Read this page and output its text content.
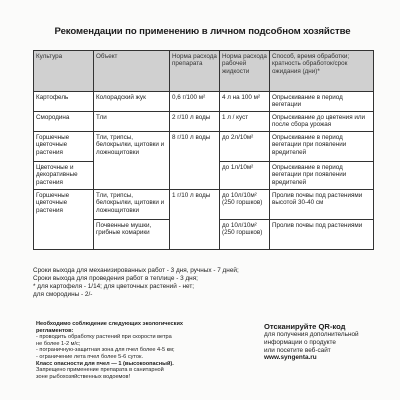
Рекомендации по применению в личном подсобном хозяйстве
Культура	Объект	Норма расхода препарата	Норма расхода рабочей жидкости	Способ, время обработки; кратность обработок/срок ожидания (дни)*
Картофель	Колорадский жук	0,6 г/100 м²	4 л на 100 м²	Опрыскивание в период вегетации
Смородина	Тли	2 г/10 л воды	1 л / куст	Опрыскивание до цветения или после сбора урожая
Горшечные цветочные растения	Тли, трипсы, белокрылки, щитовки и ложнощитовки	8 г/10 л воды	до 2л/10м²	Опрыскивание в период вегетации при появлении вредителей
Цветочные и декоративные растения			до 1л/10м²	Опрыскивание в период вегетации при появлении вредителей
Горшечные цветочные растения	Тли, трипсы, белокрылки, щитовки и ложнощитовки	1 г/10 л воды	до 10л/10м² (250 горшков)	Пролив почвы под растениями высотой 30-40 см
	Почвенные мушки, грибные комарики		до 10л/10м² (250 горшков)	Пролив почвы под растениями
Сроки выхода для механизированных работ - 3 дня, ручных - 7 дней;
Сроки выхода для проведения работ в теплице - 3 дня;
* для картофеля - 1/14; для цветочных растений - нет;
для смородины - 2/-
Необходимо соблюдение следующих экологических
регламентов:
- проводить обработку растений при скорости ветра
не более 1-2 м/с;
- пограничную-защитная зона для пчел более 4-5 км;
- ограничение лета пчел более 5-6 суток.
Класс опасности для пчел — 1 (высокоопасный).
Запрещено применение препарата в санитарной
зоне рыбохозяйственных водоемов!
Отсканируйте QR-код
для получения дополнительной
информации о продукте
или посетите веб-сайт
www.syngenta.ru
